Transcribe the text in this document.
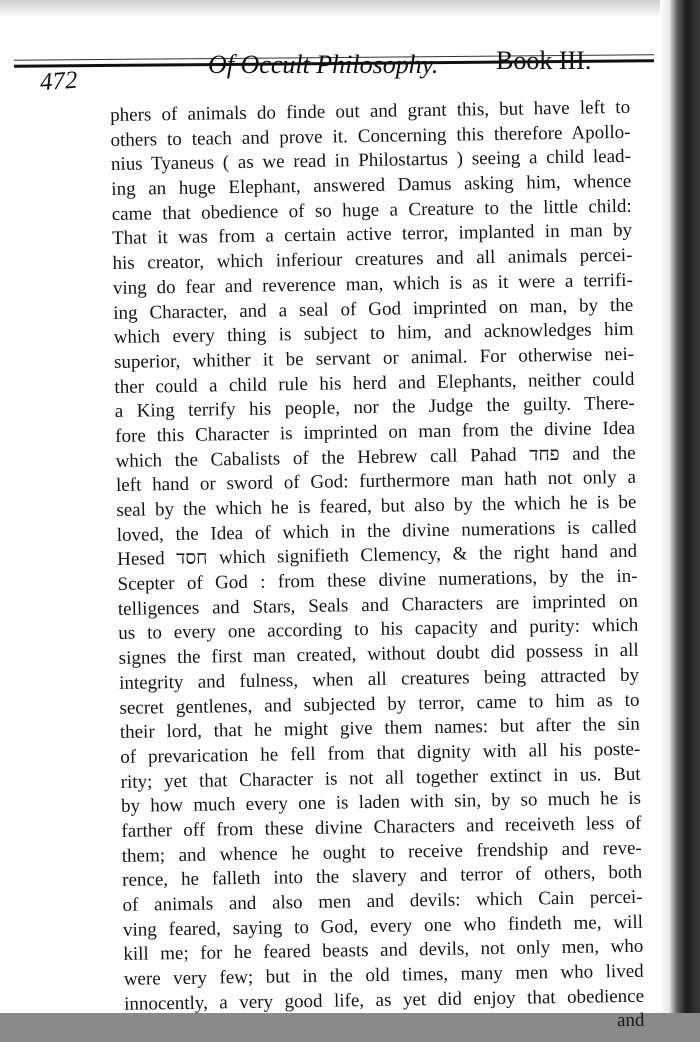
472
Of Occult Philosophy. Book III.
phers of animals do finde out and grant this, but have left to
others to teach and prove it. Concerning this therefore Apollo-
nius Tyaneus ( as we read in Philostartus ) seeing a child lead-
ing an huge Elephant, answered Damus asking him, whence
came that obedience of so huge a Creature to the little child:
That it was from a certain active terror, implanted in man by
his creator, which inferiour creatures and all animals percei-
ving do fear and reverence man, which is as it were a terrifi-
ing Character, and a seal of God imprinted on man, by the
which every thing is subject to him, and acknowledges him
superior, whither it be servant or animal. For otherwise nei-
ther could a child rule his herd and Elephants, neither could
a King terrify his people, nor the Judge the guilty. There-
fore this Character is imprinted on man from the divine Idea
which the Cabalists of the Hebrew call Pahad פחד and the
left hand or sword of God: furthermore man hath not only a
seal by the which he is feared, but also by the which he is be
loved, the Idea of which in the divine numerations is called
Hesed חסד which signifieth Clemency, & the right hand and
Scepter of God : from these divine numerations, by the in-
telligences and Stars, Seals and Characters are imprinted on
us to every one according to his capacity and purity: which
signes the first man created, without doubt did possess in all
integrity and fulness, when all creatures being attracted by
secret gentlenes, and subjected by terror, came to him as to
their lord, that he might give them names: but after the sin
of prevarication he fell from that dignity with all his poste-
rity; yet that Character is not all together extinct in us. But
by how much every one is laden with sin, by so much he is
farther off from these divine Characters and receiveth less of
them; and whence he ought to receive frendship and reve-
rence, he falleth into the slavery and terror of others, both
of animals and also men and devils: which Cain percei-
ving feared, saying to God, every one who findeth me, will
kill me; for he feared beasts and devils, not only men, who
were very few; but in the old times, many men who lived
innocently, a very good life, as yet did enjoy that obedience
and
